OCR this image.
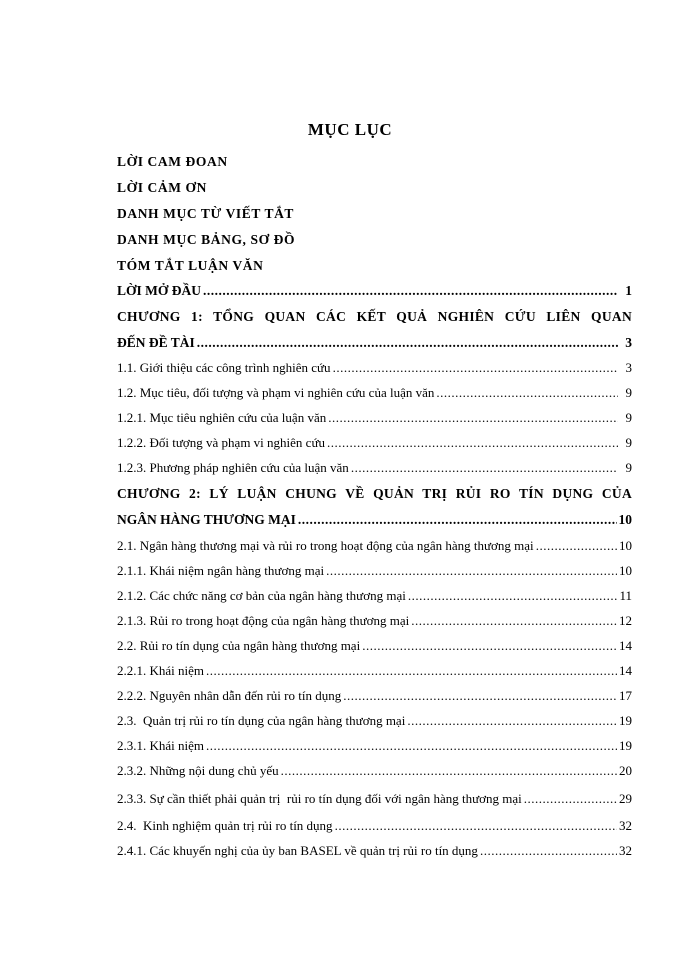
MỤC LỤC
LỜI CAM ĐOAN
LỜI CẢM ƠN
DANH MỤC TỪ VIẾT TẮT
DANH MỤC BẢNG, SƠ ĐỒ
TÓM TẮT LUẬN VĂN
LỜI MỞ ĐẦU .....	1
CHƯƠNG 1: TỔNG QUAN CÁC KẾT QUẢ NGHIÊN CỨU LIÊN QUAN
ĐẾN ĐỀ TÀI .....	3
1.1. Giới thiệu các công trình nghiên cứu .....	3
1.2. Mục tiêu, đối tượng và phạm vi nghiên cứu của luận văn .....	9
1.2.1. Mục tiêu nghiên cứu của luận văn .....	9
1.2.2. Đối tượng và phạm vi nghiên cứu .....	9
1.2.3. Phương pháp nghiên cứu của luận văn .....	9
CHƯƠNG 2: LÝ LUẬN CHUNG VỀ QUẢN TRỊ RỦI RO TÍN DỤNG CỦA
NGÂN HÀNG THƯƠNG MẠI .....	10
2.1. Ngân hàng thương mại và rủi ro trong hoạt động của ngân hàng thương mại .....	10
2.1.1. Khái niệm ngân hàng thương mại .....	10
2.1.2. Các chức năng cơ bản của ngân hàng thương mại .....	11
2.1.3. Rủi ro trong hoạt động của ngân hàng thương mại .....	12
2.2. Rủi ro tín dụng của ngân hàng thương mại .....	14
2.2.1. Khái niệm .....	14
2.2.2. Nguyên nhân dẫn đến rủi ro tín dụng .....	17
2.3.  Quản trị rủi ro tín dụng của ngân hàng thương mại .....	19
2.3.1. Khái niệm .....	19
2.3.2. Những nội dung chủ yếu .....	20
2.3.3. Sự cần thiết phải quản trị  rủi ro tín dụng đối với ngân hàng thương mại .....	29
2.4.  Kinh nghiệm quản trị rủi ro tín dụng .....	32
2.4.1. Các khuyến nghị của ủy ban BASEL về quản trị rủi ro tín dụng .....	32
